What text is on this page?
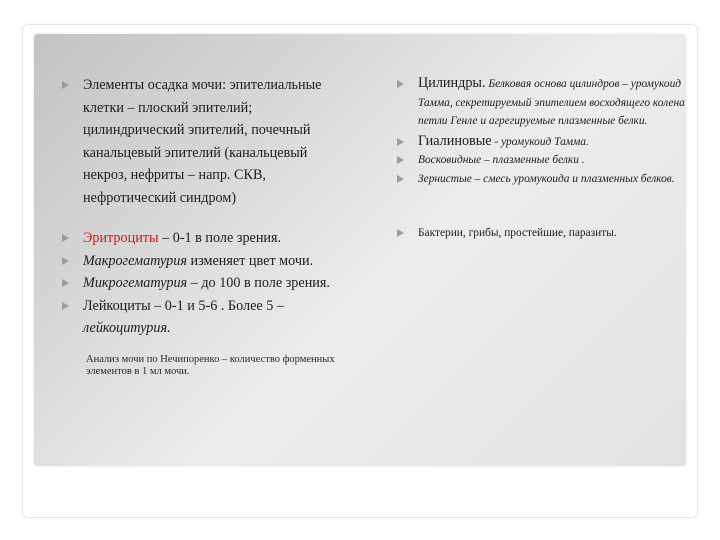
Элементы осадка мочи: эпителиальные клетки – плоский эпителий; цилиндрический эпителий, почечный канальцевый эпителий (канальцевый некроз, нефриты – напр. СКВ, нефротический синдром)
Эритроциты – 0-1 в поле зрения.
Макрогематурия изменяет цвет мочи.
Микрогематурия – до 100 в поле зрения.
Лейкоциты – 0-1 и 5-6 . Более 5 – лейкоцитурия.
Анализ мочи по Нечипоренко – количество форменных элементов в 1 мл мочи.
Цилиндры. Белковая основа цилиндров – уромукоид Тамма, секретируемый эпителием восходящего колена петли Генле и агрегируемые плазменные белки.
Гиалиновые - уромукоид Тамма.
Восковидные – плазменные белки .
Зернистые – смесь уромукоида и плазменных белков.
Бактерии, грибы, простейшие, паразиты.
